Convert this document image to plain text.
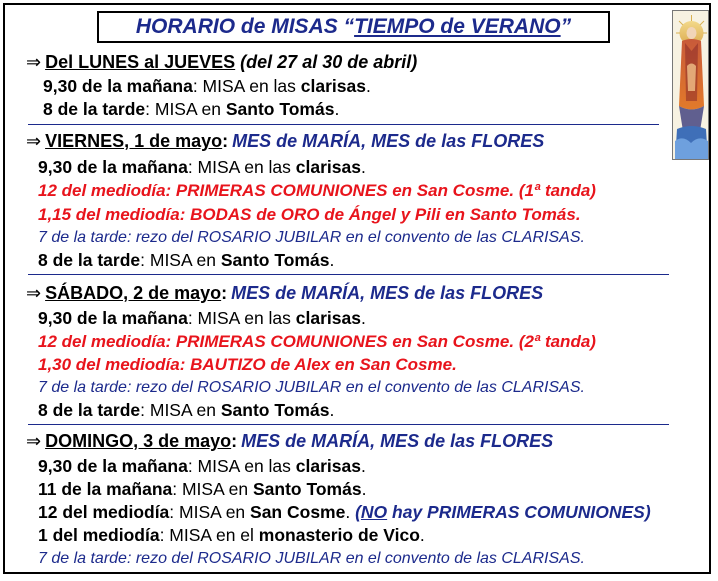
HORARIO de MISAS “TIEMPO de VERANO”
⇒ Del LUNES al JUEVES (del 27 al 30 de abril)
9,30 de la mañana: MISA en las clarisas.
8 de la tarde: MISA en Santo Tomás.
⇒ VIERNES, 1 de mayo: MES de MARÍA, MES de las FLORES
9,30 de la mañana: MISA en las clarisas.
12 del mediodía: PRIMERAS COMUNIONES en San Cosme. (1ª tanda)
1,15 del mediodía: BODAS de ORO de Ángel y Pili en Santo Tomás.
7 de la tarde: rezo del ROSARIO JUBILAR en el convento de las CLARISAS.
8 de la tarde: MISA en Santo Tomás.
⇒ SÁBADO, 2 de mayo: MES de MARÍA, MES de las FLORES
9,30 de la mañana: MISA en las clarisas.
12 del mediodía: PRIMERAS COMUNIONES en San Cosme. (2ª tanda)
1,30 del mediodía: BAUTIZO de Alex en San Cosme.
7 de la tarde: rezo del ROSARIO JUBILAR en el convento de las CLARISAS.
8 de la tarde: MISA en Santo Tomás.
⇒ DOMINGO, 3 de mayo: MES de MARÍA, MES de las FLORES
9,30 de la mañana: MISA en las clarisas.
11 de la mañana: MISA en Santo Tomás.
12 del mediodía: MISA en San Cosme. (NO hay PRIMERAS COMUNIONES)
1 del mediodía: MISA en el monasterio de Vico.
7 de la tarde: rezo del ROSARIO JUBILAR en el convento de las CLARISAS.
